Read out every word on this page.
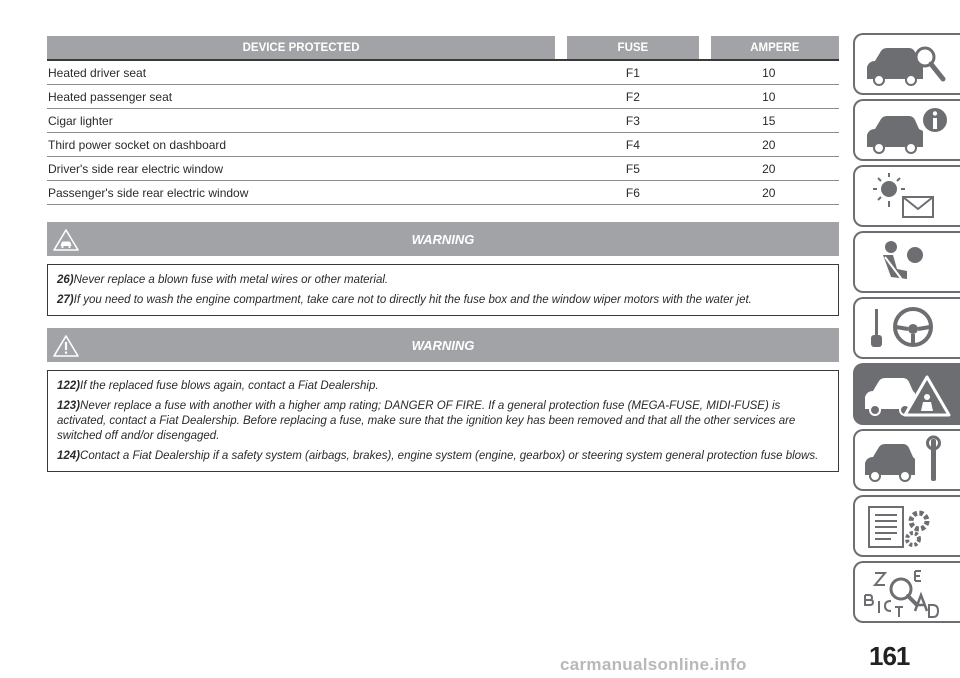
DEVICE PROTECTED		FUSE		AMPERE
Heated driver seat		F1	10	
Heated passenger seat		F2	10	
Cigar lighter		F3	15	
Third power socket on dashboard		F4	20	
Driver's side rear electric window		F5	20	
Passenger's side rear electric window		F6	20	
WARNING

26)Never replace a blown fuse with metal wires or other material.

27)If you need to wash the engine compartment, take care not to directly hit the fuse box and the window wiper motors with the water jet.

WARNING

122)If the replaced fuse blows again, contact a Fiat Dealership.

123)Never replace a fuse with another with a higher amp rating; DANGER OF FIRE. If a general protection fuse (MEGA-FUSE, MIDI-FUSE) is activated, contact a Fiat Dealership. Before replacing a fuse, make sure that the ignition key has been removed and that all the other services are switched off and/or disengaged.

124)Contact a Fiat Dealership if a safety system (airbags, brakes), engine system (engine, gearbox) or steering system general protection fuse blows.

161
carmanualsonline.info
